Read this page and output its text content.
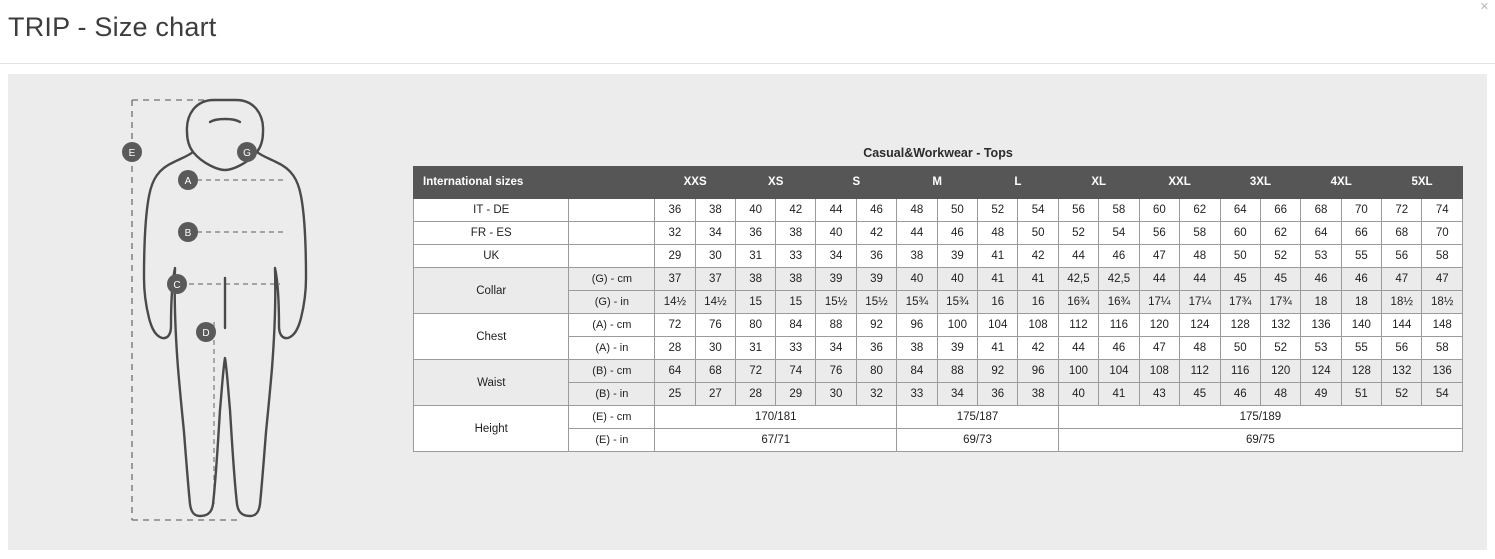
✕
TRIP - Size chart
E	G
A
B
C
D
Casual&Workwear - Tops
International sizes		XXS		XS		S		M		L		XL		XXL		3XL		4XL		5XL	
IT - DE		36	38	40	42	44	46	48	50	52	54	56	58	60	62	64	66	68	70	72	74
FR - ES		32	34	36	38	40	42	44	46	48	50	52	54	56	58	60	62	64	66	68	70
UK		29	30	31	33	34	36	38	39	41	42	44	46	47	48	50	52	53	55	56	58
Collar	(G) - cm	37	37	38	38	39	39	40	40	41	41	42,5	42,5	44	44	45	45	46	46	47	47
	(G) - in	14½	14½	15	15	15½	15½	15¾	15¾	16	16	16¾	16¾	17¼	17¼	17¾	17¾	18	18	18½	18½
Chest	(A) - cm	72	76	80	84	88	92	96	100	104	108	112	116	120	124	128	132	136	140	144	148
	(A) - in	28	30	31	33	34	36	38	39	41	42	44	46	47	48	50	52	53	55	56	58
Waist	(B) - cm	64	68	72	74	76	80	84	88	92	96	100	104	108	112	116	120	124	128	132	136
	(B) - in	25	27	28	29	30	32	33	34	36	38	40	41	43	45	46	48	49	51	52	54
Height	(E) - cm	170/181						175/187				175/189									
	(E) - in	67/71						69/73				69/75									
